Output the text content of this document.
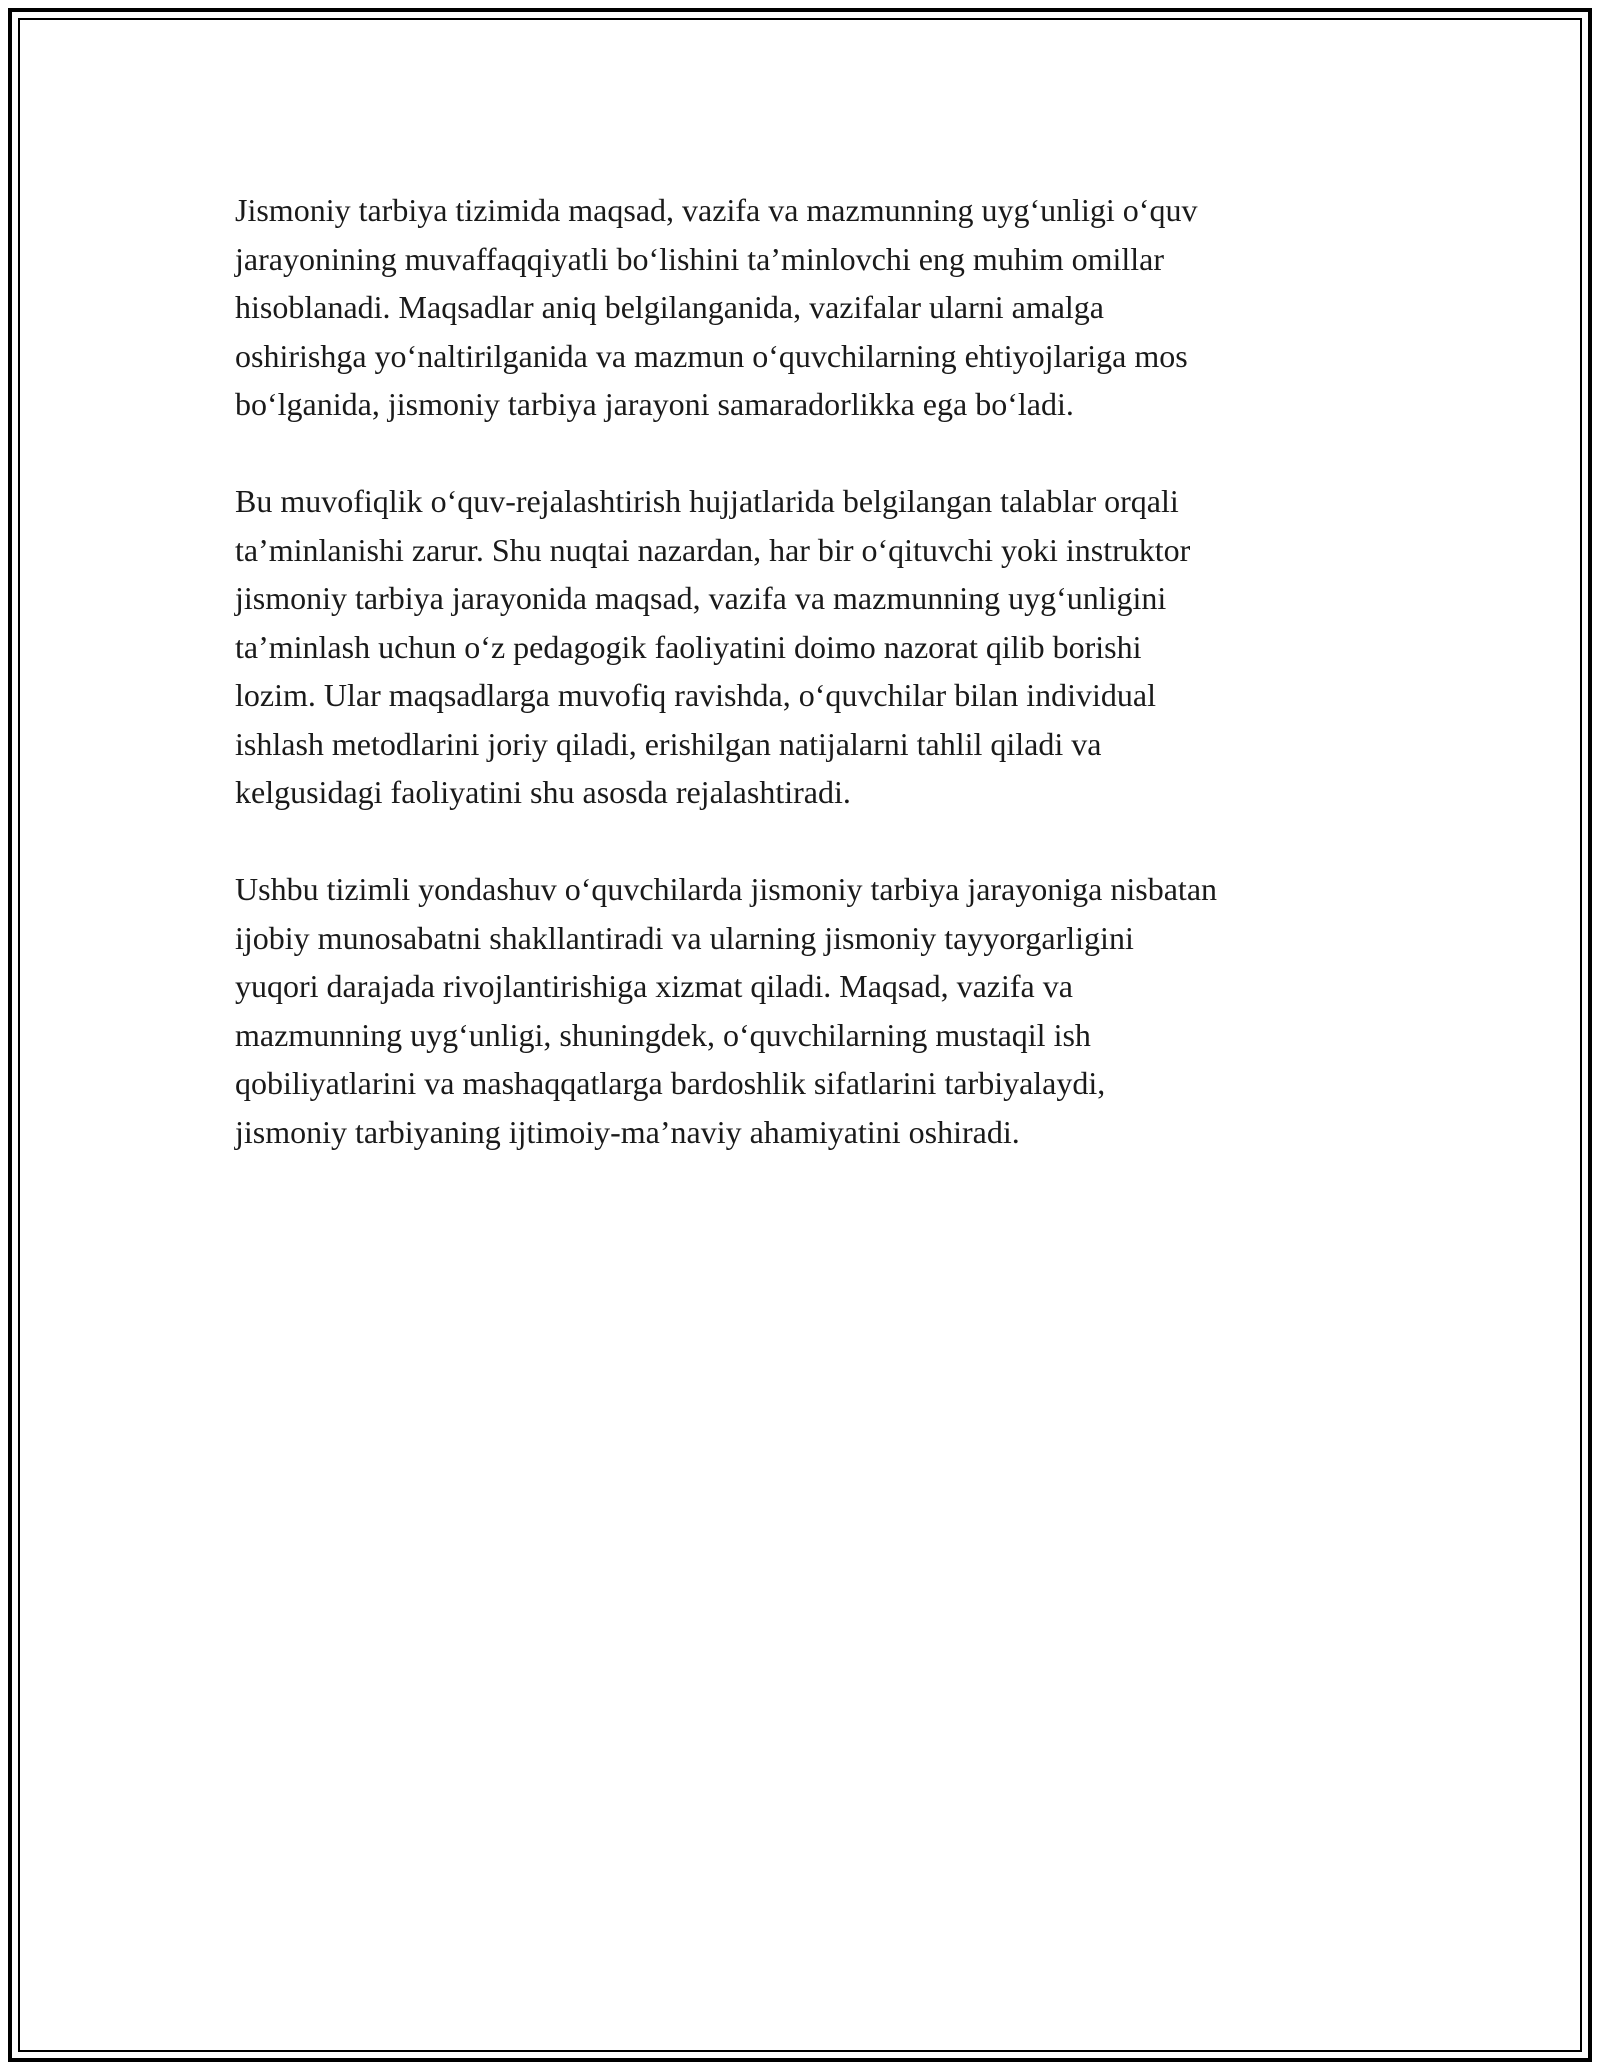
Jismoniy tarbiya tizimida maqsad, vazifa va mazmunning uyg‘unligi o‘quv
jarayonining muvaffaqqiyatli bo‘lishini ta’minlovchi eng muhim omillar
hisoblanadi. Maqsadlar aniq belgilanganida, vazifalar ularni amalga
oshirishga yo‘naltirilganida va mazmun o‘quvchilarning ehtiyojlariga mos
bo‘lganida, jismoniy tarbiya jarayoni samaradorlikka ega bo‘ladi.

Bu muvofiqlik o‘quv-rejalashtirish hujjatlarida belgilangan talablar orqali
ta’minlanishi zarur. Shu nuqtai nazardan, har bir o‘qituvchi yoki instruktor
jismoniy tarbiya jarayonida maqsad, vazifa va mazmunning uyg‘unligini
ta’minlash uchun o‘z pedagogik faoliyatini doimo nazorat qilib borishi
lozim. Ular maqsadlarga muvofiq ravishda, o‘quvchilar bilan individual
ishlash metodlarini joriy qiladi, erishilgan natijalarni tahlil qiladi va
kelgusidagi faoliyatini shu asosda rejalashtiradi.

Ushbu tizimli yondashuv o‘quvchilarda jismoniy tarbiya jarayoniga nisbatan
ijobiy munosabatni shakllantiradi va ularning jismoniy tayyorgarligini
yuqori darajada rivojlantirishiga xizmat qiladi. Maqsad, vazifa va
mazmunning uyg‘unligi, shuningdek, o‘quvchilarning mustaqil ish
qobiliyatlarini va mashaqqatlarga bardoshlik sifatlarini tarbiyalaydi,
jismoniy tarbiyaning ijtimoiy-ma’naviy ahamiyatini oshiradi.
